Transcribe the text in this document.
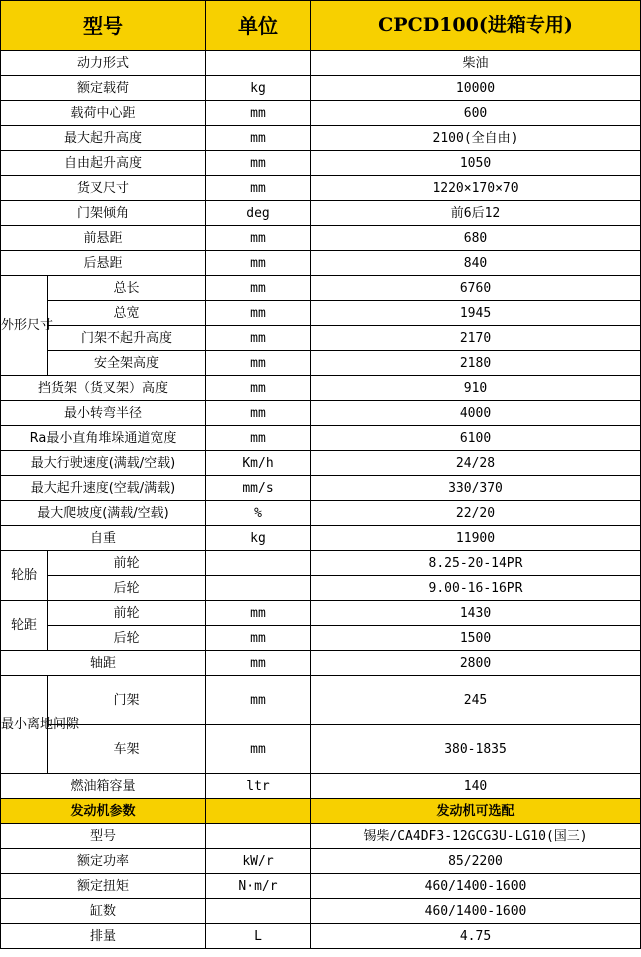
型号		单位	CPCD100(进箱专用)
动力形式			柴油
额定载荷		kg	10000
载荷中心距		mm	600
最大起升高度		mm	2100(全自由)
自由起升高度		mm	1050
货叉尺寸		mm	1220×170×70
门架倾角		deg	前6后12
前悬距		mm	680
后悬距		mm	840
外形尺寸	总长	mm	6760
	总宽	mm	1945
	门架不起升高度	mm	2170
	安全架高度	mm	2180
挡货架（货叉架）高度		mm	910
最小转弯半径		mm	4000
Ra最小直角堆垛通道宽度		mm	6100
最大行驶速度(满载/空载)		Km/h	24/28
最大起升速度(空载/满载)		mm/s	330/370
最大爬坡度(满载/空载)		%	22/20
自重		kg	11900
轮胎	前轮		8.25-20-14PR
	后轮		9.00-16-16PR
轮距	前轮	mm	1430
	后轮	mm	1500
轴距		mm	2800
最小离地间隙	门架	mm	245
	车架	mm	380-1835
燃油箱容量		ltr	140
发动机参数			发动机可选配
型号			锡柴/CA4DF3-12GCG3U-LG10(国三)
额定功率		kW/r	85/2200
额定扭矩		N·m/r	460/1400-1600
缸数			460/1400-1600
排量		L	4.75
